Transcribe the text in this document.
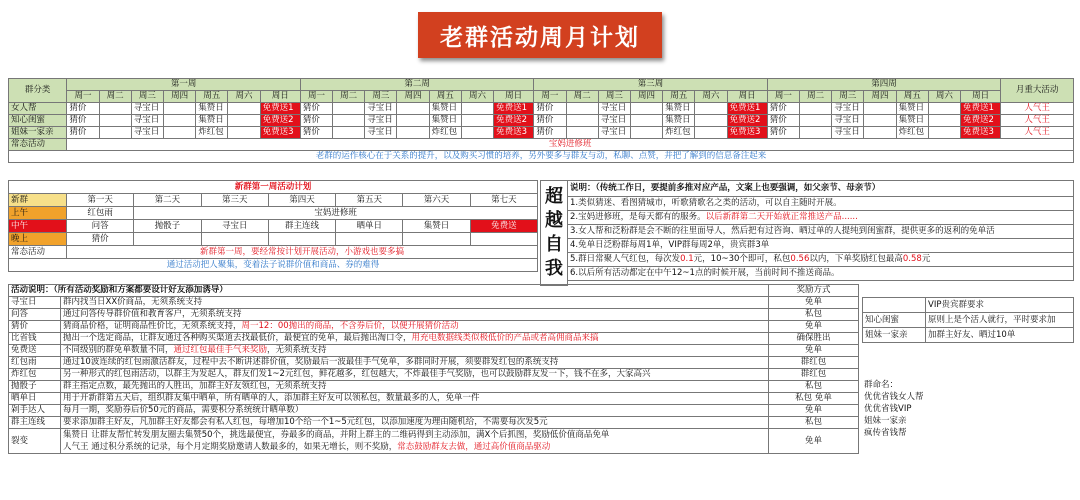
老群活动周月计划
群分类	第一周							第二周							第三周							第四周							月重大活动
	周一	周二	周三	周四	周五	周六	周日	周一	周二	周三	周四	周五	周六	周日	周一	周二	周三	周四	周五	周六	周日	周一	周二	周三	周四	周五	周六	周日	
女人帮	猜价		寻宝日		集赞日		免费送1	猜价		寻宝日		集赞日		免费送1	猜价		寻宝日		集赞日		免费送1	猜价		寻宝日		集赞日		免费送1	人气王
知心闺蜜	猜价		寻宝日		集赞日		免费送2	猜价		寻宝日		集赞日		免费送2	猜价		寻宝日		集赞日		免费送2	猜价		寻宝日		集赞日		免费送2	人气王
姐妹一家亲	猜价		寻宝日		炸红包		免费送3	猜价		寻宝日		炸红包		免费送3	猜价		寻宝日		炸红包		免费送3	猜价		寻宝日		炸红包		免费送3	人气王
常态活动	宝妈进修班																												
老群的运作核心在于关系的提升，以及购买习惯的培养，另外要多与群友与动，私聊、点赞，并把了解到的信息备注起来																													
新群第一周活动计划							
新群	第一天	第二天	第三天	第四天	第五天	第六天	第七天
上午	红包雨	宝妈进修班					
中午	问答	抛骰子	寻宝日	群主连线	晒单日	集赞日	免费送
晚上	猜价						
常态活动	新群第一周，要经常按计划开展活动，小游戏也要多搞						
通过活动把人聚集，变着法子说群价值和商品、券的难得							
超
越
自
我
说明：（传统工作日，要提前多推对应产品，文案上也要强调，如父亲节、母亲节）
1.类似猜迷、看图猜城市，听歌猜歌名之类的活动，可以自主随时开展。
2.宝妈进修班，是每天都有的服务。以后新群第二天开始就正常推送产品......
3.女人帮和泛粉群是会不断的往里面导人，然后把有过咨询、晒过单的人提纯到闺蜜群，提供更多的返利的免单活
4.免单日泛粉群每周1单，VIP群每周2单，贵宾群3单
5.群日常聚人气红包，每次发0.1元，10~30个即可，私包0.56以内，下单奖励红包最高0.58元
6.以后所有活动都定在中午12~1点的时候开展，当前时间不推送商品。
活动说明：（所有活动奖励和方案都要设计好友添加诱导）		奖励方式
寻宝日	群内找当日XX价商品，无须系统支持	免单
问答	通过问答传导群价值和教育客户，无须系统支持	私包
猜价	猜商品价格，证明商品性价比，无须系统支持，周一12：00抛出的商品，不含券后价，以便开展猜价活动	免单
比省钱	抛出一个选定商品，让群友通过各种购买渠道去找最低价，最便宜的免单，最后抛出淘口令，用充电数据线类似极低价的产品或者高佣商品来搞	确保胜出
免费送	不同级别的群免单数量不同，通过红包最佳手气来奖励，无须系统支持	免单
红包雨	通过10波连续的红包雨激活群友，过程中去不断讲述群价值，奖励最后一波最佳手气免单，多群同时开展，须要群发红包的系统支持	群红包
炸红包	另一种形式的红包雨活动，以群主为发起人，群友们发1~2元红包，鲜花越多，红包越大，不炸最佳手气奖励，也可以鼓励群友发一下，钱不在多，大家高兴	群红包
抛骰子	群主指定点数，最先抛出的人胜出，加群主好友领红包，无须系统支持	私包
晒单日	用于开新群第五天后，组织群友集中晒单，所有晒单的人，添加群主好友可以领私包，数量最多的人，免单一件	私包 免单
剁手达人	每月一期，奖励券后价50元的商品，需要积分系统统计晒单数）	免单
群主连线	要求添加群主好友，凡加群主好友都会有私人红包，每增加10个给一个1~5元红包，以添加速度为理由随机给，不需要每次发5元	私包
裂变	集赞日 让群友帮忙转发朋友圈去集赞50个，挑选最便宜，券最多的商品，并附上群主的二维码得到主动添加，满X个后抓图，奖励低价值商品免单
人气王 通过积分系统的记录，每个月定期奖励邀请人数最多的，如果无增长，则不奖励，常态鼓励群友去做，通过高价值商品驱动	免单
	VIP贵宾群要求
知心闺蜜	原则上是个活人就行，平时要求加
姐妹一家亲	加群主好友、晒过10单
群命名：
优优省钱女人帮
优优省钱VIP
姐妹一家亲
疯传省钱帮
